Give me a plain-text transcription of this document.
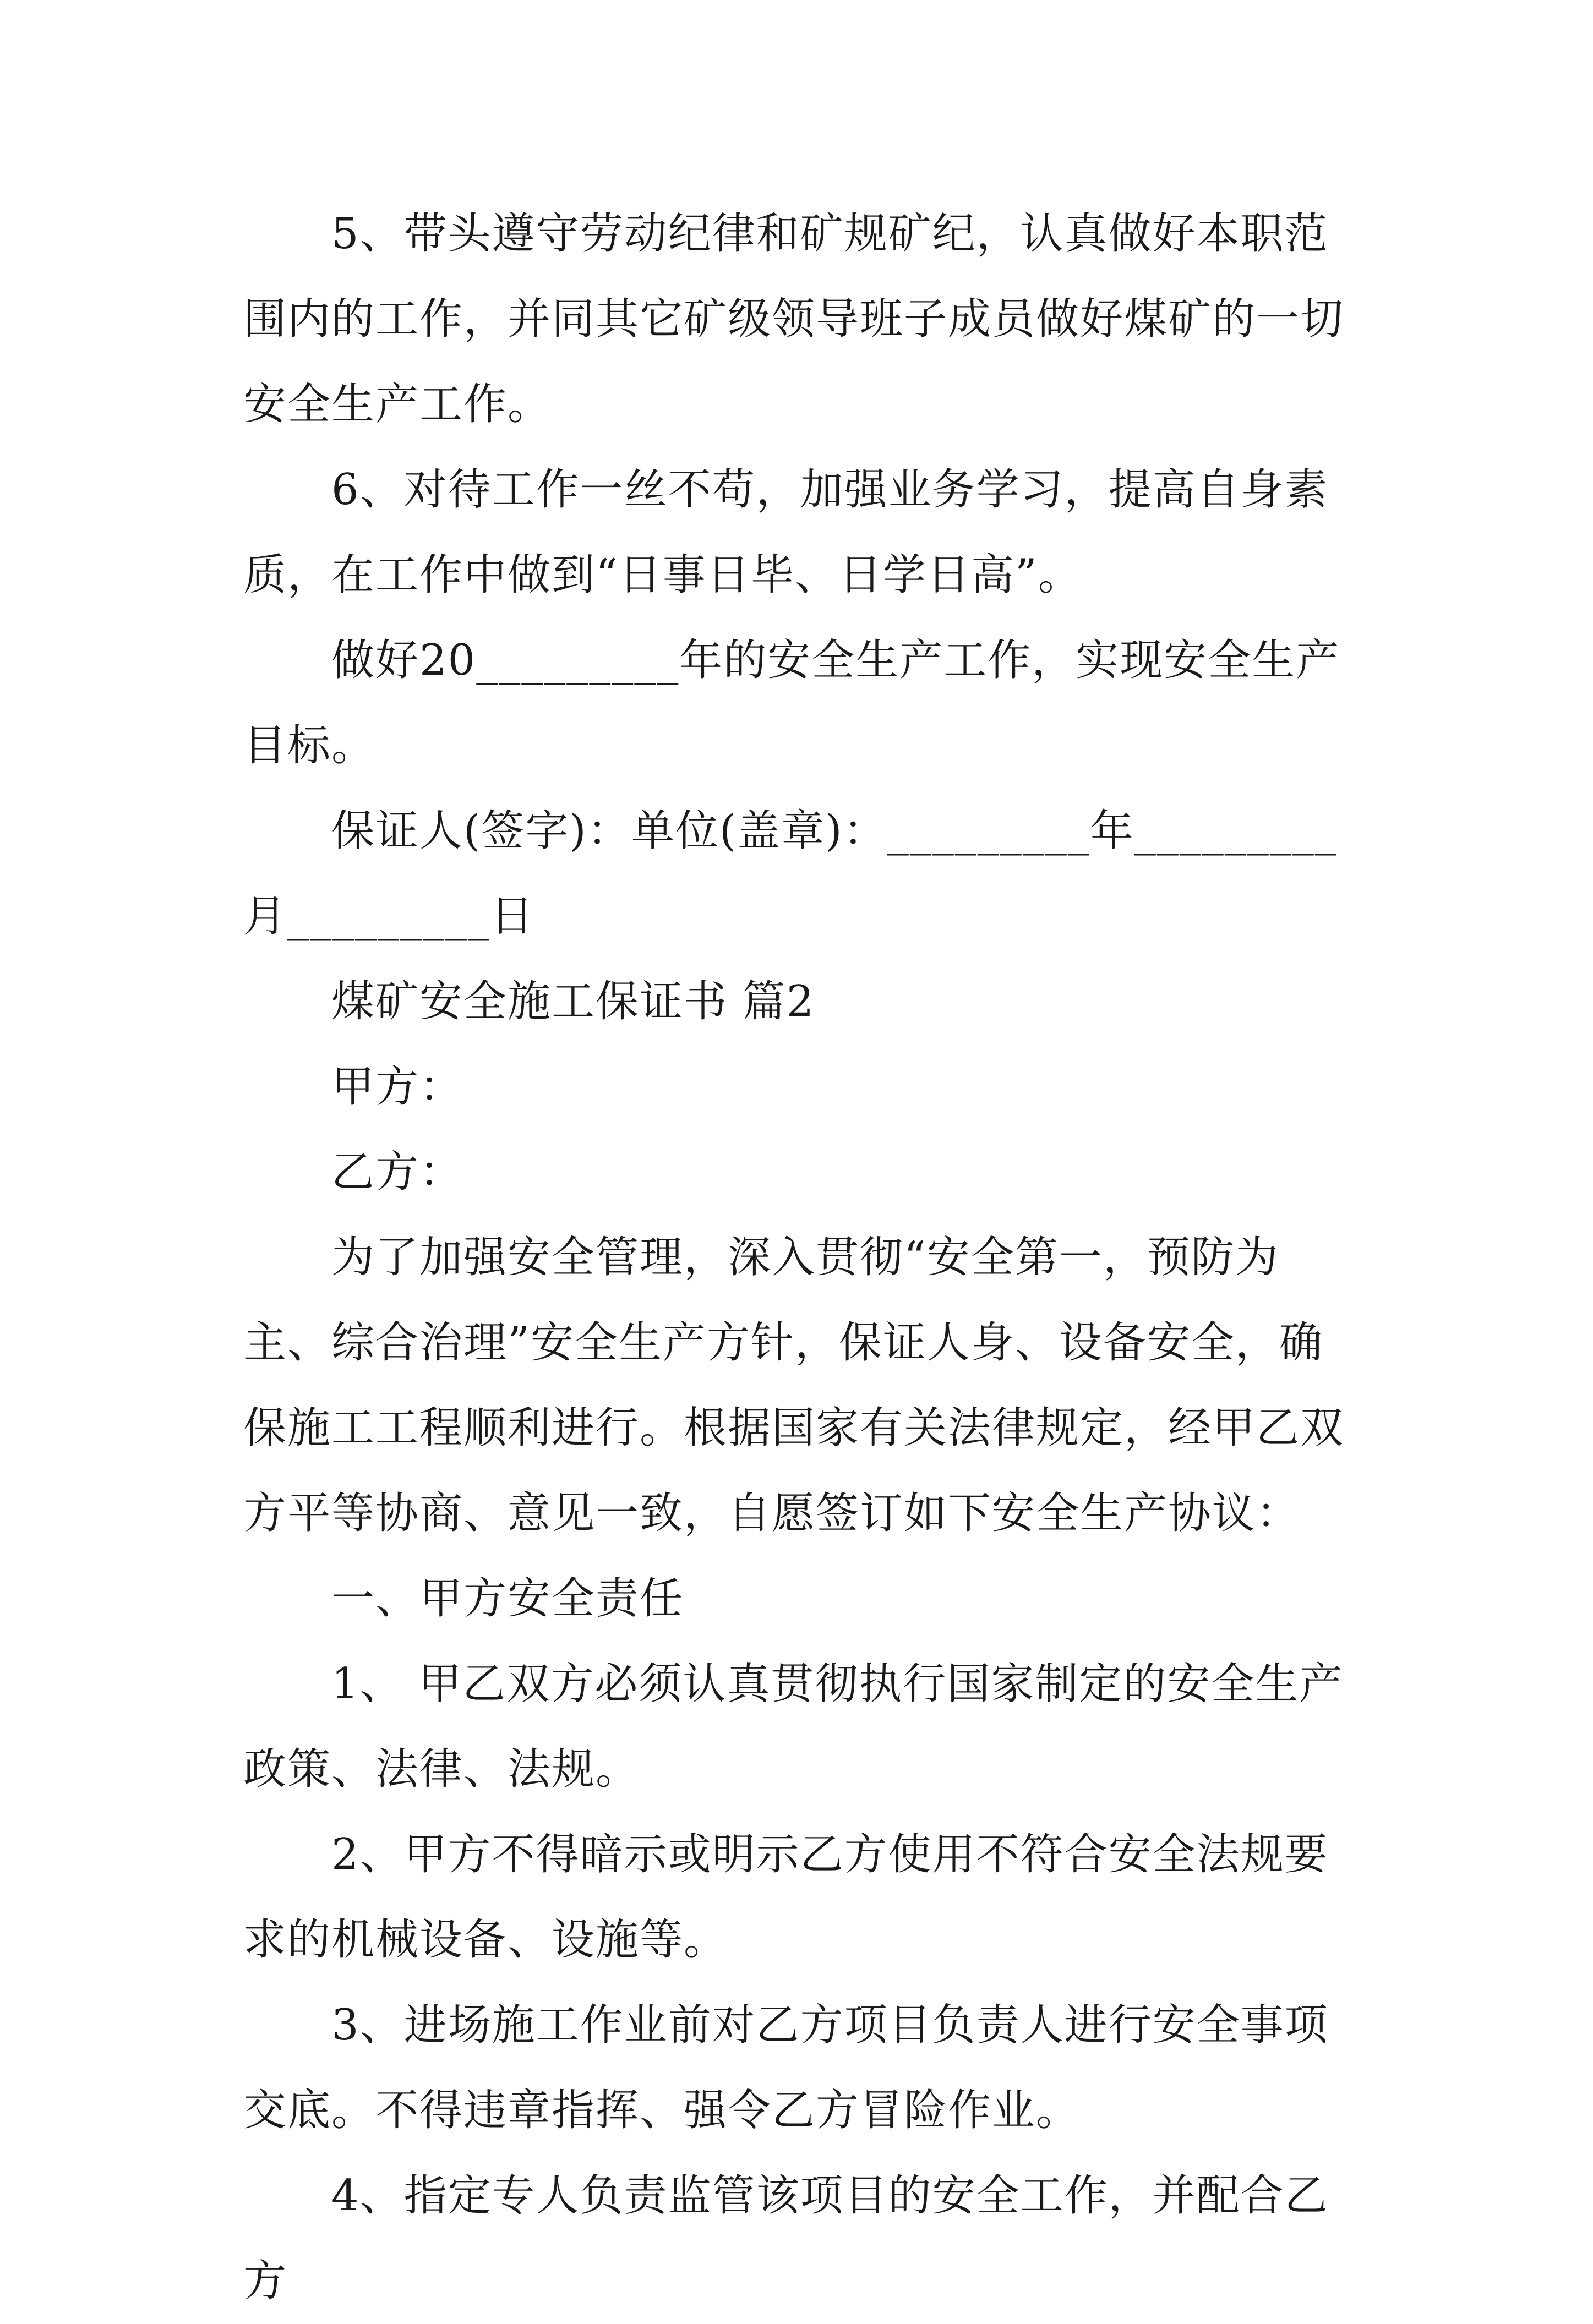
5、带头遵守劳动纪律和矿规矿纪，认真做好本职范围内的工作，并同其它矿级领导班子成员做好煤矿的一切安全生产工作。

6、对待工作一丝不苟，加强业务学习，提高自身素质，在工作中做到“日事日毕、日学日高”。

做好20_________年的安全生产工作，实现安全生产目标。

保证人(签字)：单位(盖章)：_________年_________月_________日

煤矿安全施工保证书 篇2

甲方：

乙方：

为了加强安全管理，深入贯彻“安全第一，预防为主、综合治理”安全生产方针，保证人身、设备安全，确保施工工程顺利进行。根据国家有关法律规定，经甲乙双方平等协商、意见一致，自愿签订如下安全生产协议：

一、甲方安全责任

1、 甲乙双方必须认真贯彻执行国家制定的安全生产政策、法律、法规。

2、甲方不得暗示或明示乙方使用不符合安全法规要求的机械设备、设施等。

3、进场施工作业前对乙方项目负责人进行安全事项交底。不得违章指挥、强令乙方冒险作业。

4、指定专人负责监管该项目的安全工作，并配合乙方
